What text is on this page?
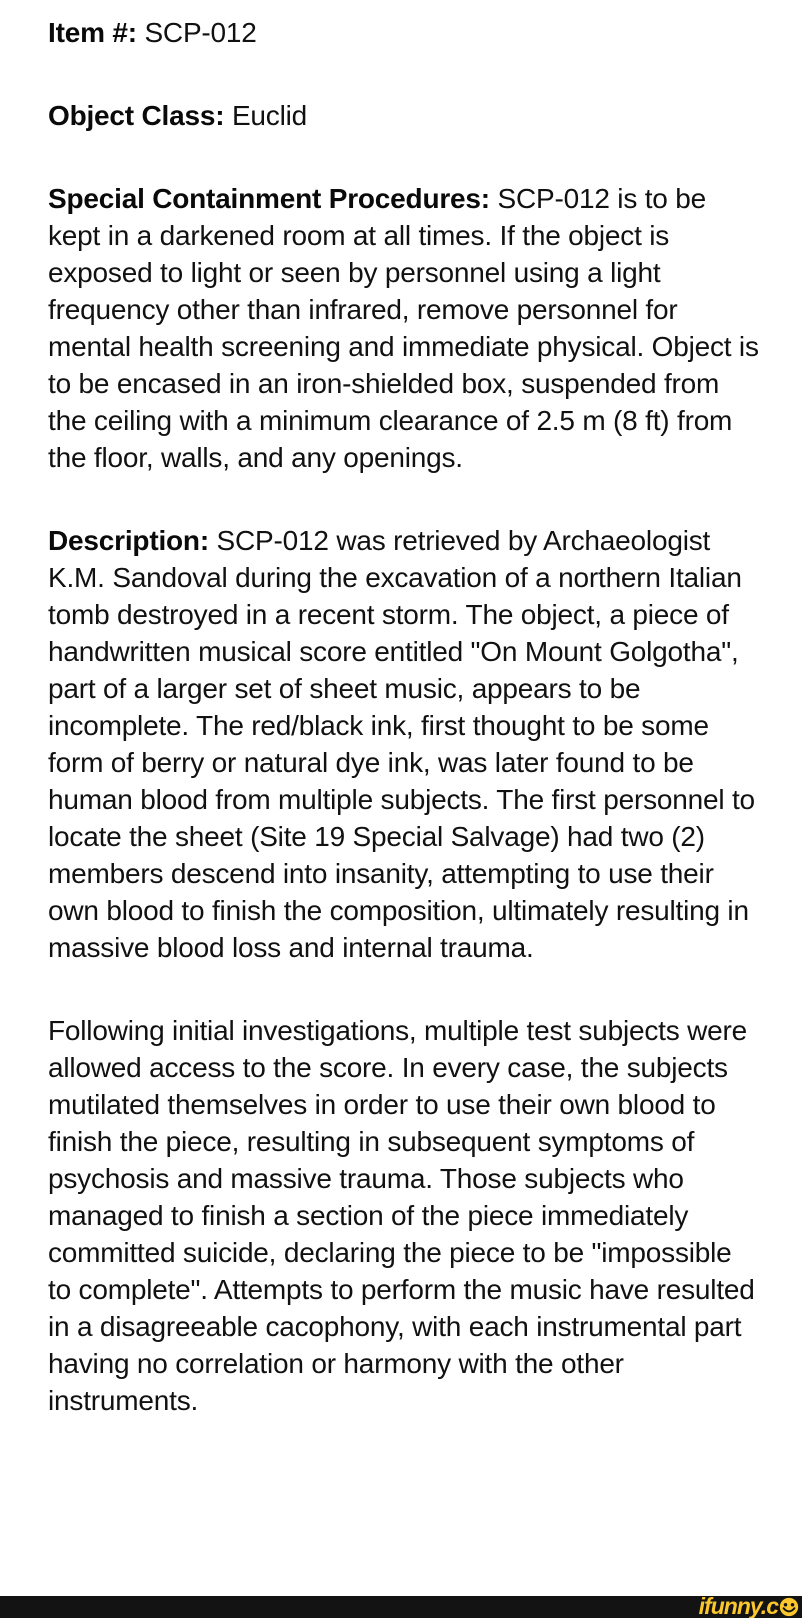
Item #: SCP-012

Object Class: Euclid

Special Containment Procedures: SCP-012 is to be kept in a darkened room at all times. If the object is exposed to light or seen by personnel using a light frequency other than infrared, remove personnel for mental health screening and immediate physical. Object is to be encased in an iron-shielded box, suspended from the ceiling with a minimum clearance of 2.5 m (8 ft) from the floor, walls, and any openings.

Description: SCP-012 was retrieved by Archaeologist K.M. Sandoval during the excavation of a northern Italian tomb destroyed in a recent storm. The object, a piece of handwritten musical score entitled "On Mount Golgotha", part of a larger set of sheet music, appears to be incomplete. The red/black ink, first thought to be some form of berry or natural dye ink, was later found to be human blood from multiple subjects. The first personnel to locate the sheet (Site 19 Special Salvage) had two (2) members descend into insanity, attempting to use their own blood to finish the composition, ultimately resulting in massive blood loss and internal trauma.

Following initial investigations, multiple test subjects were allowed access to the score. In every case, the subjects mutilated themselves in order to use their own blood to finish the piece, resulting in subsequent symptoms of psychosis and massive trauma. Those subjects who managed to finish a section of the piece immediately committed suicide, declaring the piece to be "impossible to complete". Attempts to perform the music have resulted in a disagreeable cacophony, with each instrumental part having no correlation or harmony with the other instruments.

ifunny.c
